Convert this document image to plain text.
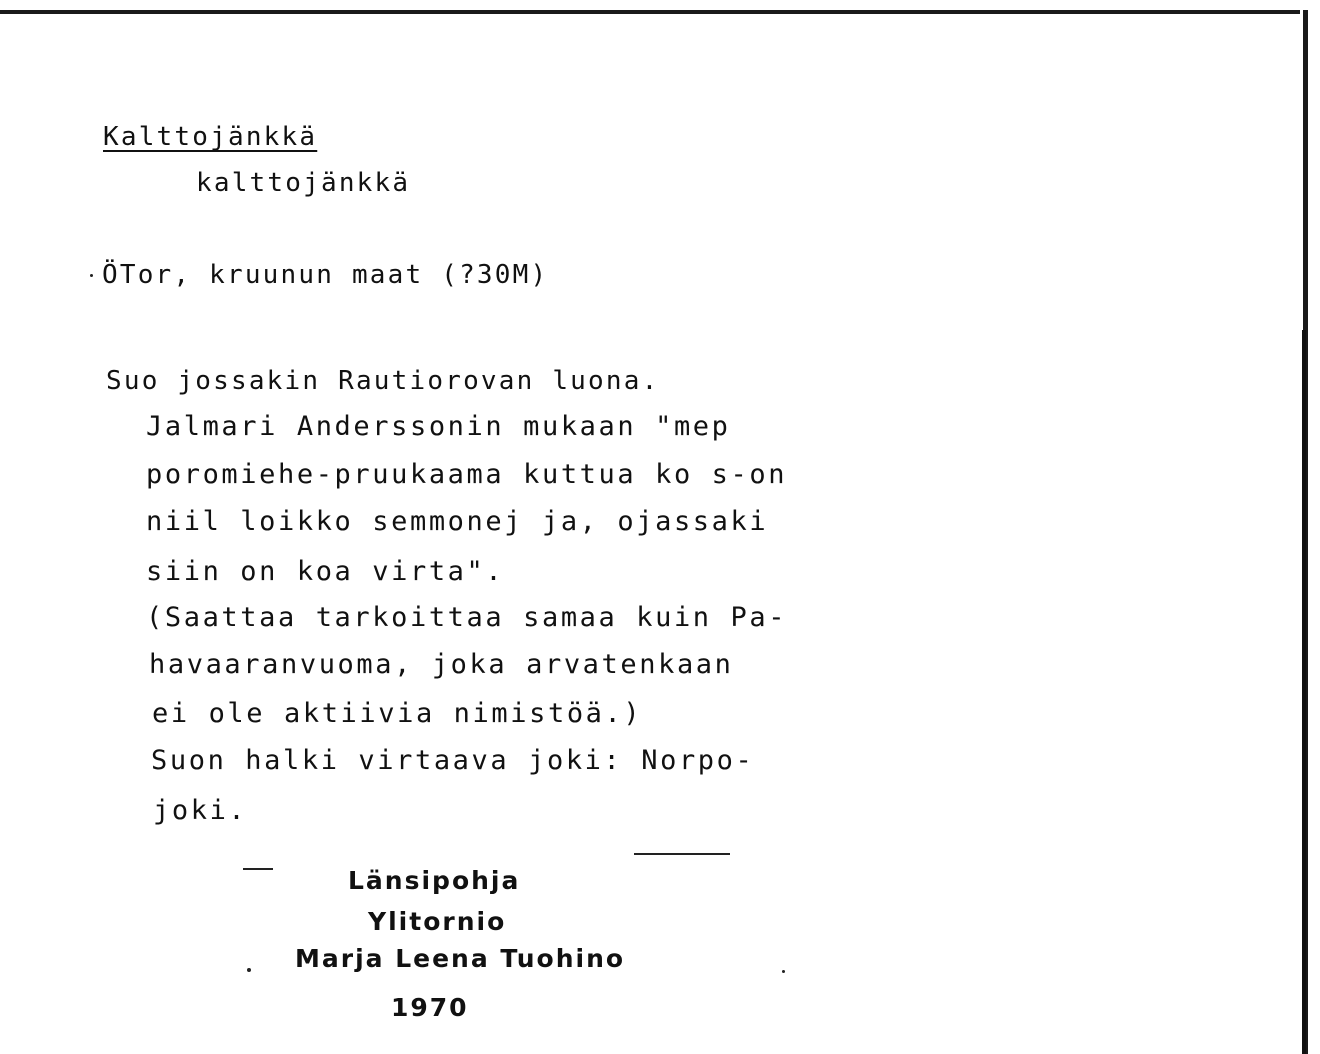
Kalttojänkkä
kalttojänkkä
ÖTor, kruunun maat (?30M)
Suo jossakin Rautiorovan luona.
Jalmari Anderssonin mukaan "mep
poromiehe-pruukaama kuttua ko s-on
niil loikko semmonej ja, ojassaki
siin on koa virta".
(Saattaa tarkoittaa samaa kuin Pa-
havaaranvuoma, joka arvatenkaan
ei ole aktiivia nimistöä.)
Suon halki virtaava joki: Norpo-
joki.
Länsipohja
Ylitornio
Marja Leena Tuohino
1970
